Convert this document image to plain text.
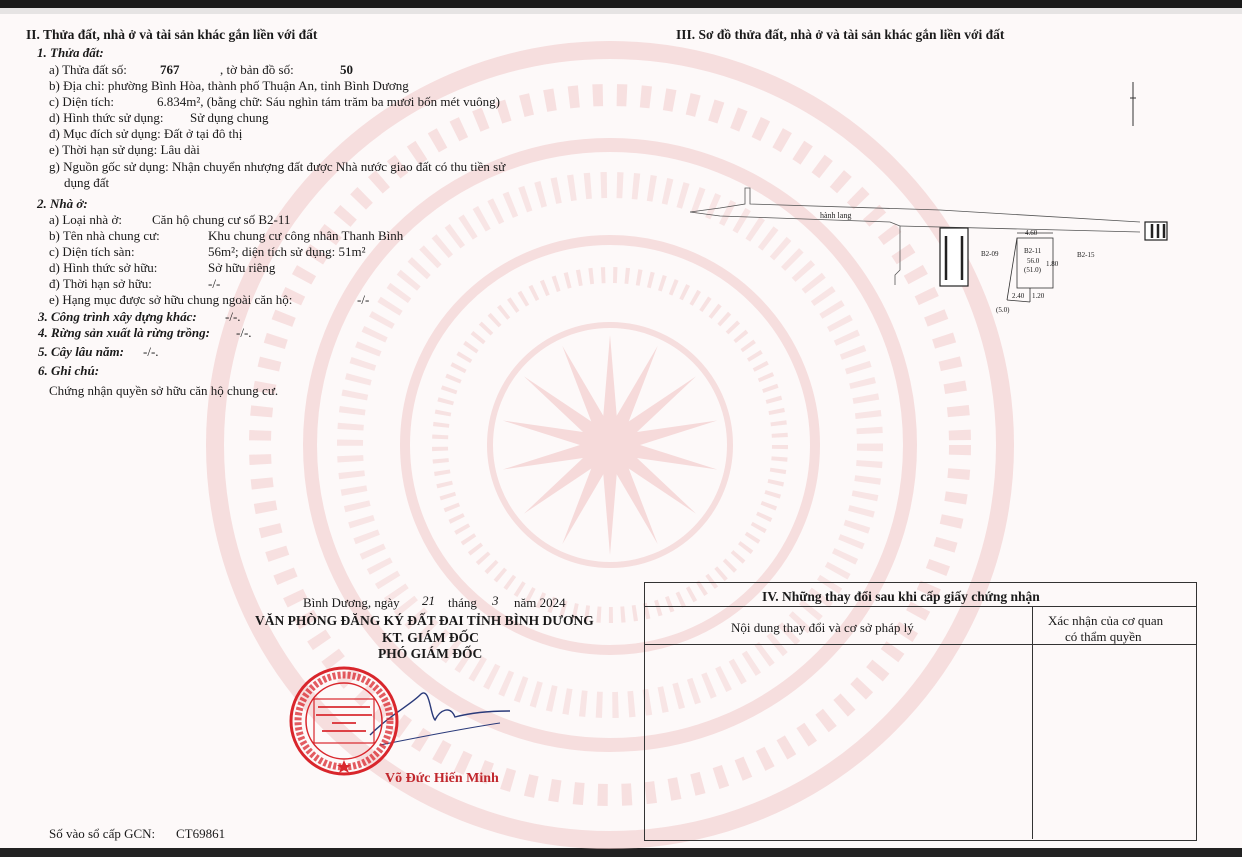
II. Thửa đất, nhà ở và tài sản khác gắn liền với đất
1. Thửa đất:
a) Thửa đất số:	767	, tờ bản đồ số:	50
b) Địa chỉ: phường Bình Hòa, thành phố Thuận An, tỉnh Bình Dương
c) Diện tích:	6.834m², (bằng chữ: Sáu nghìn tám trăm ba mươi bốn mét vuông)
d) Hình thức sử dụng: Sử dụng chung
đ) Mục đích sử dụng: Đất ở tại đô thị
e) Thời hạn sử dụng: Lâu dài
g) Nguồn gốc sử dụng: Nhận chuyển nhượng đất được Nhà nước giao đất có thu tiền sử
dụng đất
2. Nhà ở:
a) Loại nhà ở: Căn hộ chung cư số B2-11
b) Tên nhà chung cư:	Khu chung cư công nhân Thanh Bình
c) Diện tích sàn:	56m²; diện tích sử dụng: 51m²
d) Hình thức sở hữu:	Sở hữu riêng
đ) Thời hạn sở hữu:	-/-
e) Hạng mục được sở hữu chung ngoài căn hộ:	-/-
3. Công trình xây dựng khác: -/-.
4. Rừng sản xuất là rừng trồng: -/-.
5. Cây lâu năm: -/-.
6. Ghi chú:
Chứng nhận quyền sở hữu căn hộ chung cư.
III. Sơ đồ thửa đất, nhà ở và tài sản khác gắn liền với đất
hành lang
4.60
B2-09	B2-11
56.0
(51.0)
1.80
B2-15
2.40 1.20
(5.0)
Bình Dương, ngày 21 tháng 3 năm 2024
VĂN PHÒNG ĐĂNG KÝ ĐẤT ĐAI TỈNH BÌNH DƯƠNG
KT. GIÁM ĐỐC
PHÓ GIÁM ĐỐC
Võ Đức Hiến Minh
IV. Những thay đổi sau khi cấp giấy chứng nhận
Nội dung thay đổi và cơ sở pháp lý	Xác nhận của cơ quan
có thẩm quyền
Số vào sổ cấp GCN: CT69861
